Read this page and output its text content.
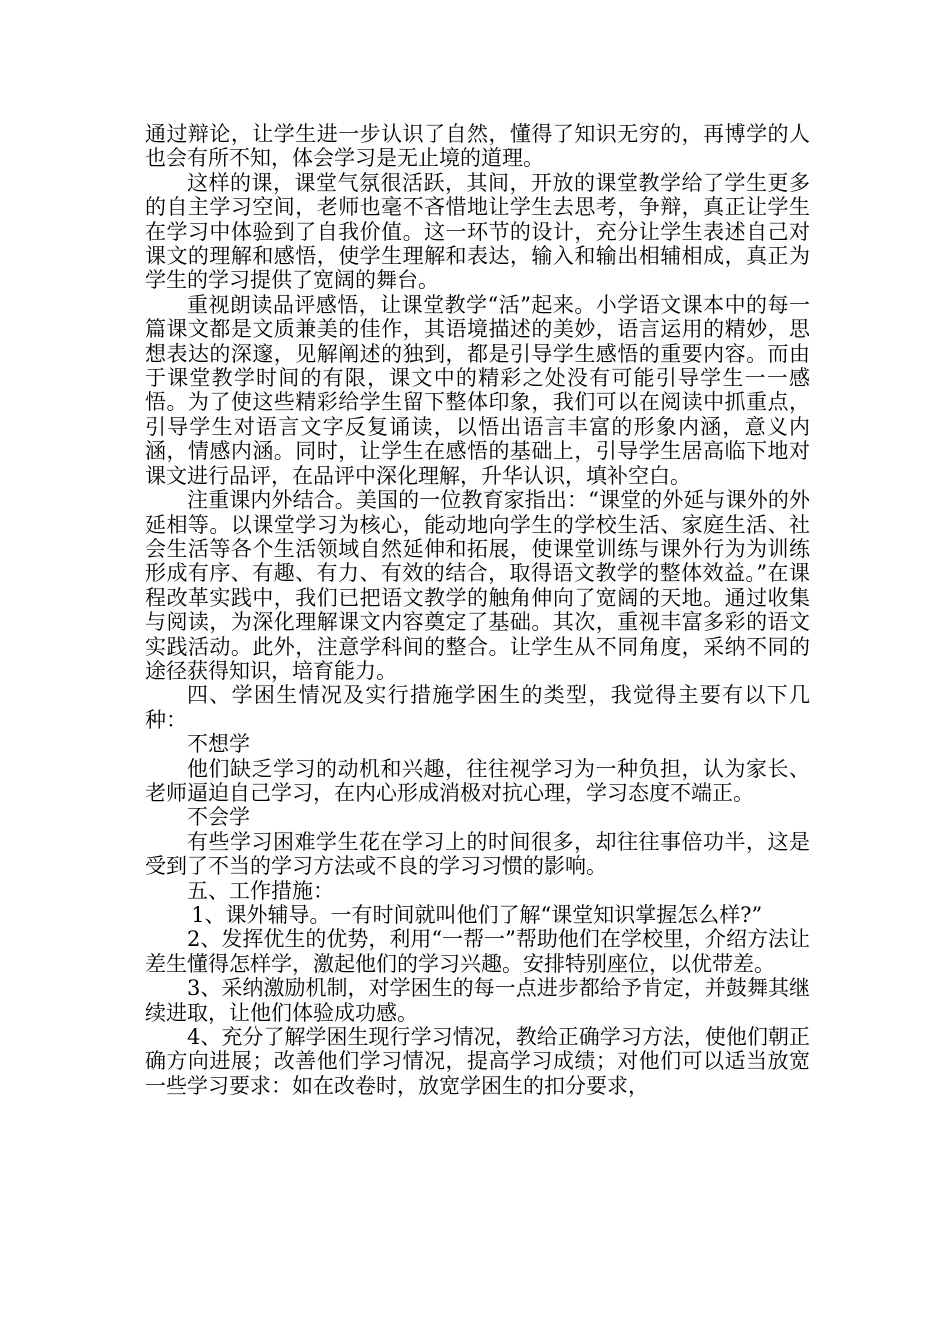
通过辩论，让学生进一步认识了自然，懂得了知识无穷的，再博学的人也会有所不知，体会学习是无止境的道理。

这样的课，课堂气氛很活跃，其间，开放的课堂教学给了学生更多的自主学习空间，老师也毫不吝惜地让学生去思考，争辩，真正让学生在学习中体验到了自我价值。这一环节的设计，充分让学生表述自己对课文的理解和感悟，使学生理解和表达，输入和输出相辅相成，真正为学生的学习提供了宽阔的舞台。

重视朗读品评感悟，让课堂教学“活”起来。小学语文课本中的每一篇课文都是文质兼美的佳作，其语境描述的美妙，语言运用的精妙，思想表达的深邃，见解阐述的独到，都是引导学生感悟的重要内容。而由于课堂教学时间的有限，课文中的精彩之处没有可能引导学生一一感悟。为了使这些精彩给学生留下整体印象，我们可以在阅读中抓重点，引导学生对语言文字反复诵读，以悟出语言丰富的形象内涵，意义内涵，情感内涵。同时，让学生在感悟的基础上，引导学生居高临下地对课文进行品评，在品评中深化理解，升华认识，填补空白。

注重课内外结合。美国的一位教育家指出：“课堂的外延与课外的外延相等。以课堂学习为核心，能动地向学生的学校生活、家庭生活、社会生活等各个生活领域自然延伸和拓展，使课堂训练与课外行为为训练形成有序、有趣、有力、有效的结合，取得语文教学的整体效益。”在课程改革实践中，我们已把语文教学的触角伸向了宽阔的天地。通过收集与阅读，为深化理解课文内容奠定了基础。其次，重视丰富多彩的语文实践活动。此外，注意学科间的整合。让学生从不同角度，采纳不同的途径获得知识，培育能力。

四、学困生情况及实行措施学困生的类型，我觉得主要有以下几种：

不想学

他们缺乏学习的动机和兴趣，往往视学习为一种负担，认为家长、老师逼迫自己学习，在内心形成消极对抗心理，学习态度不端正。

不会学

有些学习困难学生花在学习上的时间很多，却往往事倍功半，这是受到了不当的学习方法或不良的学习习惯的影响。

五、工作措施：

1、课外辅导。一有时间就叫他们了解“课堂知识掌握怎么样?”

2、发挥优生的优势，利用“一帮一”帮助他们在学校里，介绍方法让差生懂得怎样学，激起他们的学习兴趣。安排特别座位，以优带差。

3、采纳激励机制，对学困生的每一点进步都给予肯定，并鼓舞其继续进取，让他们体验成功感。

4、充分了解学困生现行学习情况，教给正确学习方法，使他们朝正确方向进展；改善他们学习情况，提高学习成绩；对他们可以适当放宽一些学习要求：如在改卷时，放宽学困生的扣分要求，
